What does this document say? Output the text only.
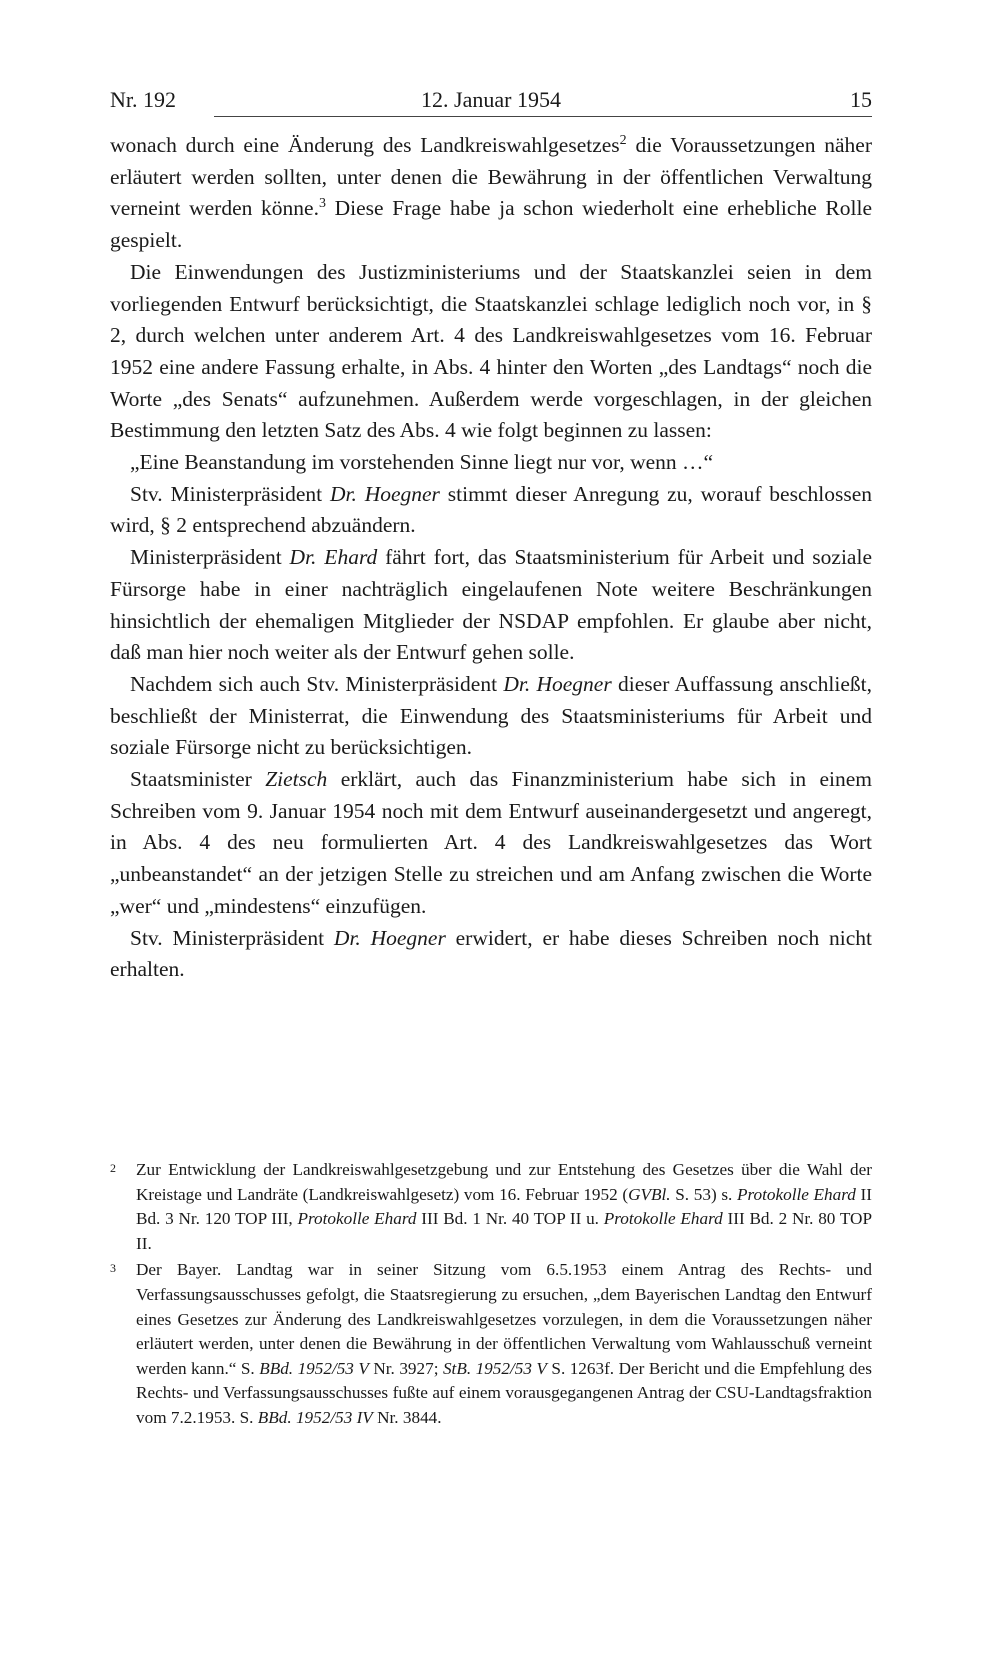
Nr. 192	12. Januar 1954	15

wonach durch eine Änderung des Landkreiswahlgesetzes$^2$ die Voraussetzungen näher erläutert werden sollten, unter denen die Bewährung in der öffentlichen Verwaltung verneint werden könne.$^3$ Diese Frage habe ja schon wiederholt eine erhebliche Rolle gespielt.

Die Einwendungen des Justizministeriums und der Staatskanzlei seien in dem vorliegenden Entwurf berücksichtigt, die Staatskanzlei schlage lediglich noch vor, in § 2, durch welchen unter anderem Art. 4 des Landkreiswahlgesetzes vom 16. Februar 1952 eine andere Fassung erhalte, in Abs. 4 hinter den Worten „des Landtags“ noch die Worte „des Senats“ aufzunehmen. Außerdem werde vorgeschlagen, in der gleichen Bestimmung den letzten Satz des Abs. 4 wie folgt beginnen zu lassen:

„Eine Beanstandung im vorstehenden Sinne liegt nur vor, wenn …“

Stv. Ministerpräsident Dr. Hoegner stimmt dieser Anregung zu, worauf beschlossen wird, § 2 entsprechend abzuändern.

Ministerpräsident Dr. Ehard fährt fort, das Staatsministerium für Arbeit und soziale Fürsorge habe in einer nachträglich eingelaufenen Note weitere Beschränkungen hinsichtlich der ehemaligen Mitglieder der NSDAP empfohlen. Er glaube aber nicht, daß man hier noch weiter als der Entwurf gehen solle.

Nachdem sich auch Stv. Ministerpräsident Dr. Hoegner dieser Auffassung anschließt, beschließt der Ministerrat, die Einwendung des Staatsministeriums für Arbeit und soziale Fürsorge nicht zu berücksichtigen.

Staatsminister Zietsch erklärt, auch das Finanzministerium habe sich in einem Schreiben vom 9. Januar 1954 noch mit dem Entwurf auseinandergesetzt und angeregt, in Abs. 4 des neu formulierten Art. 4 des Landkreiswahlgesetzes das Wort „unbeanstandet“ an der jetzigen Stelle zu streichen und am Anfang zwischen die Worte „wer“ und „mindestens“ einzufügen.

Stv. Ministerpräsident Dr. Hoegner erwidert, er habe dieses Schreiben noch nicht erhalten.

2 Zur Entwicklung der Landkreiswahlgesetzgebung und zur Entstehung des Gesetzes über die Wahl der Kreistage und Landräte (Landkreiswahlgesetz) vom 16. Februar 1952 (GVBl. S. 53) s. Protokolle Ehard II Bd. 3 Nr. 120 TOP III, Protokolle Ehard III Bd. 1 Nr. 40 TOP II u. Protokolle Ehard III Bd. 2 Nr. 80 TOP II.
3 Der Bayer. Landtag war in seiner Sitzung vom 6.5.1953 einem Antrag des Rechts- und Verfassungsausschusses gefolgt, die Staatsregierung zu ersuchen, „dem Bayerischen Landtag den Entwurf eines Gesetzes zur Änderung des Landkreiswahlgesetzes vorzulegen, in dem die Voraussetzungen näher erläutert werden, unter denen die Bewährung in der öffentlichen Verwaltung vom Wahlausschuß verneint werden kann.“ S. BBd. 1952/53 V Nr. 3927; StB. 1952/53 V S. 1263f. Der Bericht und die Empfehlung des Rechts- und Verfassungsausschusses fußte auf einem vorausgegangenen Antrag der CSU-Landtagsfraktion vom 7.2.1953. S. BBd. 1952/53 IV Nr. 3844.
